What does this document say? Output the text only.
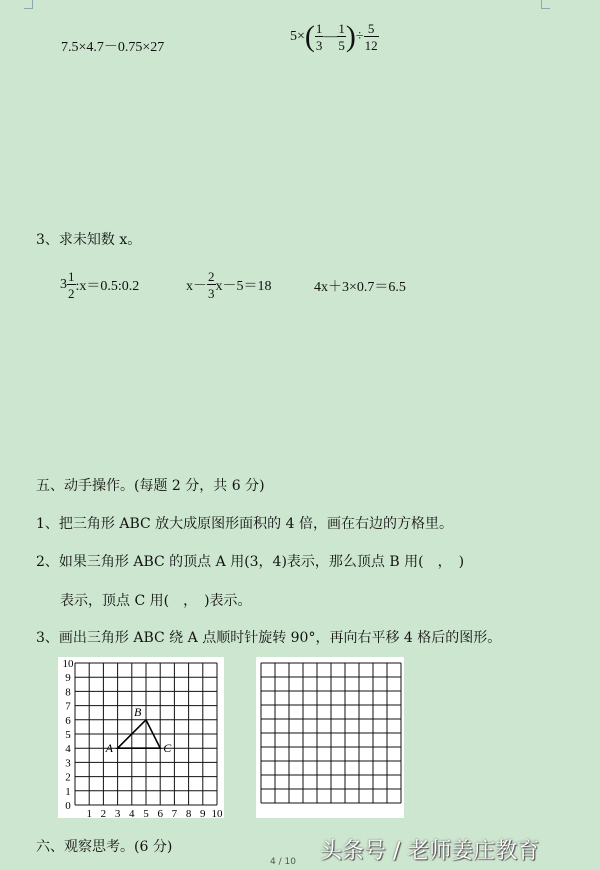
7.5×4.7－0.75×27
5× ( $\frac{1}{3}$ — $\frac{1}{5}$ ) ÷ $\frac{5}{12}$
3、求未知数 x。
$3 \frac{1}{2}$ :x＝0.5:0.2	$x- \frac{2}{3} x-5=18$	4x＋3×0.7＝6.5
五、动手操作。(每题 2 分，共 6 分)
1、把三角形 ABC 放大成原图形面积的 4 倍，画在右边的方格里。
2、如果三角形 ABC 的顶点 A 用(3，4)表示，那么顶点 B 用(　，　)
表示，顶点 C 用(　，　)表示。
3、画出三角形 ABC 绕 A 点顺时针旋转 90°，再向右平移 4 格后的图形。
10
9
8
7
6
5
4
3
2
1
0
1 2 3 4 5 6 7 8 9 10
A
B
C
六、观察思考。(6 分)
4 / 10 头条号 / 老师姜庄教育
